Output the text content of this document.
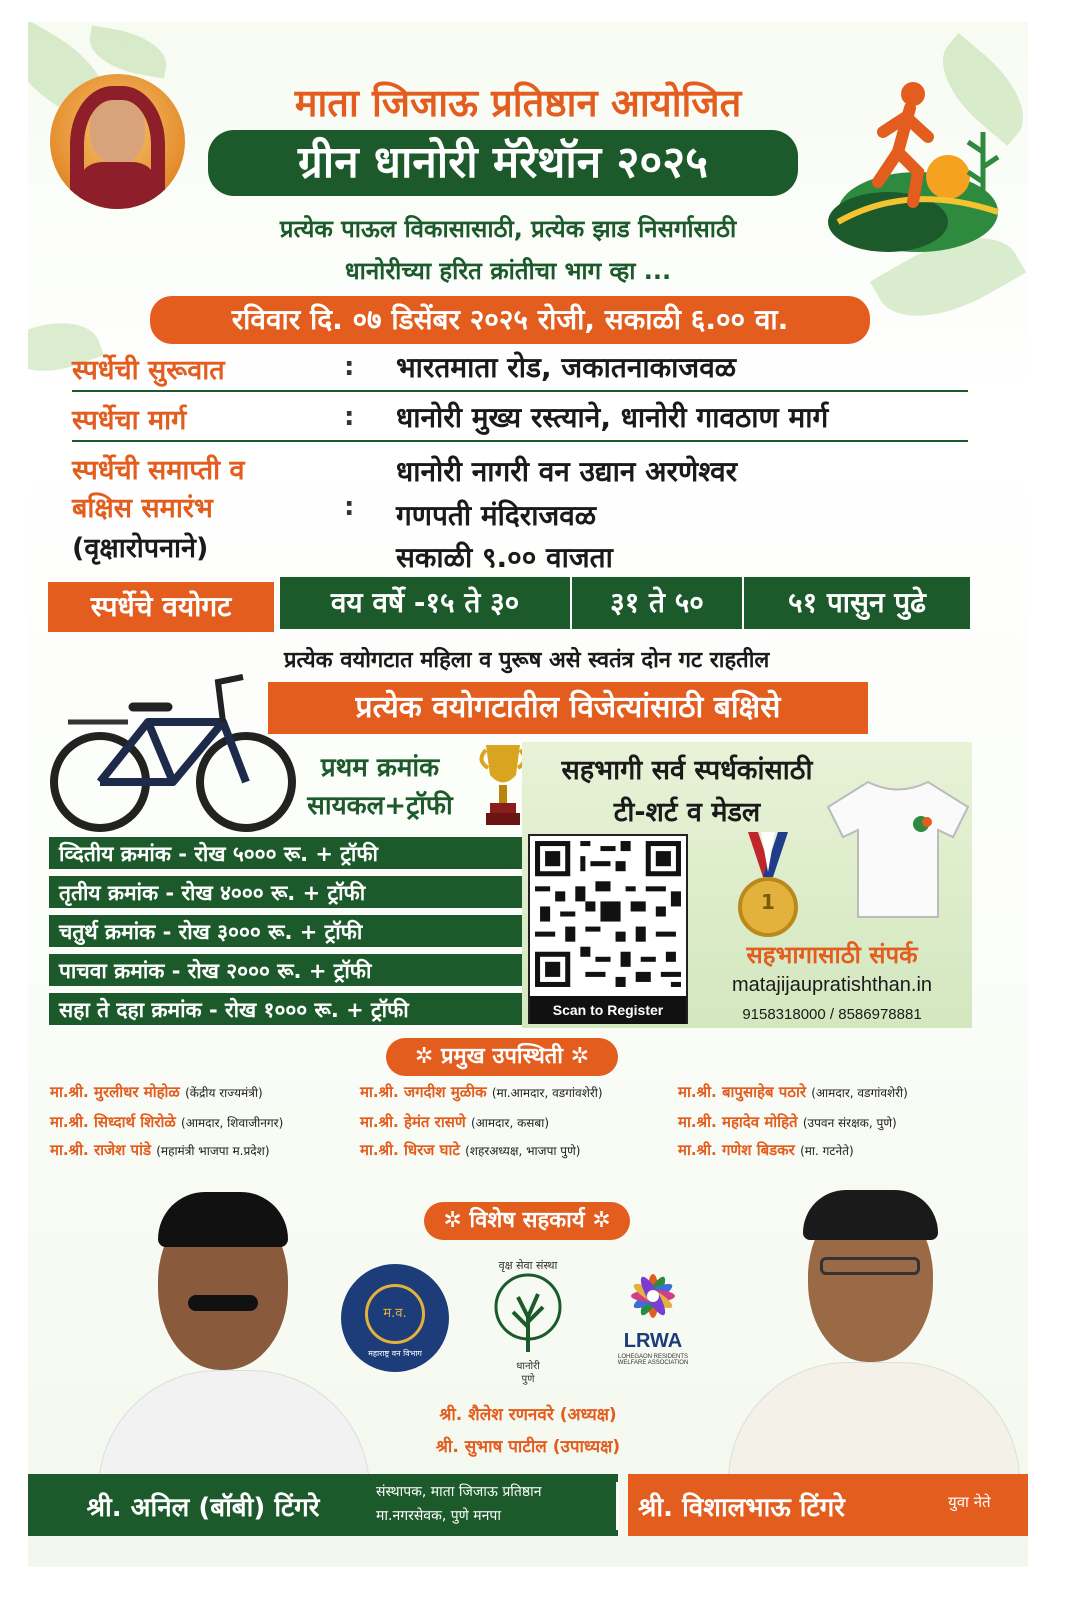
माता जिजाऊ प्रतिष्ठान आयोजित
ग्रीन धानोरी मॅरेथॉन २०२५
प्रत्येक पाऊल विकासासाठी, प्रत्येक झाड निसर्गासाठी
धानोरीच्या हरित क्रांतीचा भाग व्हा ...
रविवार दि. ०७ डिसेंबर २०२५ रोजी, सकाळी ६.०० वा.
स्पर्धेची सुरूवात	: भारतमाता रोड, जकातनाकाजवळ
स्पर्धेचा मार्ग	: धानोरी मुख्य रस्त्याने, धानोरी गावठाण मार्ग
स्पर्धेची समाप्ती व
बक्षिस समारंभ
(वृक्षारोपनाने)
:
धानोरी नागरी वन उद्यान अरणेश्वर
गणपती मंदिराजवळ
सकाळी ९.०० वाजता
स्पर्धेचे वयोगट	वय वर्षे -१५ ते ३०	३१ ते ५०	५१ पासुन पुढे
प्रत्येक वयोगटात महिला व पुरूष असे स्वतंत्र दोन गट राहतील
प्रत्येक वयोगटातील विजेत्यांसाठी बक्षिसे
प्रथम क्रमांक
सायकल+ट्रॉफी
व्दितीय क्रमांक - रोख ५००० रू. + ट्रॉफी
तृतीय क्रमांक - रोख ४००० रू. + ट्रॉफी
चतुर्थ क्रमांक - रोख ३००० रू. + ट्रॉफी
पाचवा क्रमांक - रोख २००० रू. + ट्रॉफी
सहा ते दहा क्रमांक - रोख १००० रू. + ट्रॉफी
सहभागी सर्व स्पर्धकांसाठी
टी-शर्ट व मेडल
Scan to Register
1
सहभागासाठी संपर्क
matajijaupratishthan.in
9158318000 / 8586978881
✲ प्रमुख उपस्थिती ✲
मा.श्री. मुरलीधर मोहोळ (केंद्रीय राज्यमंत्री)
मा.श्री. सिध्दार्थ शिरोळे (आमदार, शिवाजीनगर)
मा.श्री. राजेश पांडे (महामंत्री भाजपा म.प्रदेश)
मा.श्री. जगदीश मुळीक (मा.आमदार, वडगांवशेरी)
मा.श्री. हेमंत रासणे (आमदार, कसबा)
मा.श्री. धिरज घाटे (शहरअध्यक्ष, भाजपा पुणे)
मा.श्री. बापुसाहेब पठारे (आमदार, वडगांवशेरी)
मा.श्री. महादेव मोहिते (उपवन संरक्षक, पुणे)
मा.श्री. गणेश बिडकर (मा. गटनेते)
✲ विशेष सहकार्य ✲
म.व.
महाराष्ट्र वन विभाग
वृक्ष सेवा संस्था
धानोरी
पुणे
LRWA
LOHEGAON RESIDENTS WELFARE ASSOCIATION
श्री. शैलेश रणनवरे (अध्यक्ष)
श्री. सुभाष पाटील (उपाध्यक्ष)
श्री. अनिल (बॉबी) टिंगरे
संस्थापक, माता जिजाऊ प्रतिष्ठान
मा.नगरसेवक, पुणे मनपा	श्री. विशालभाऊ टिंगरे	युवा नेते
